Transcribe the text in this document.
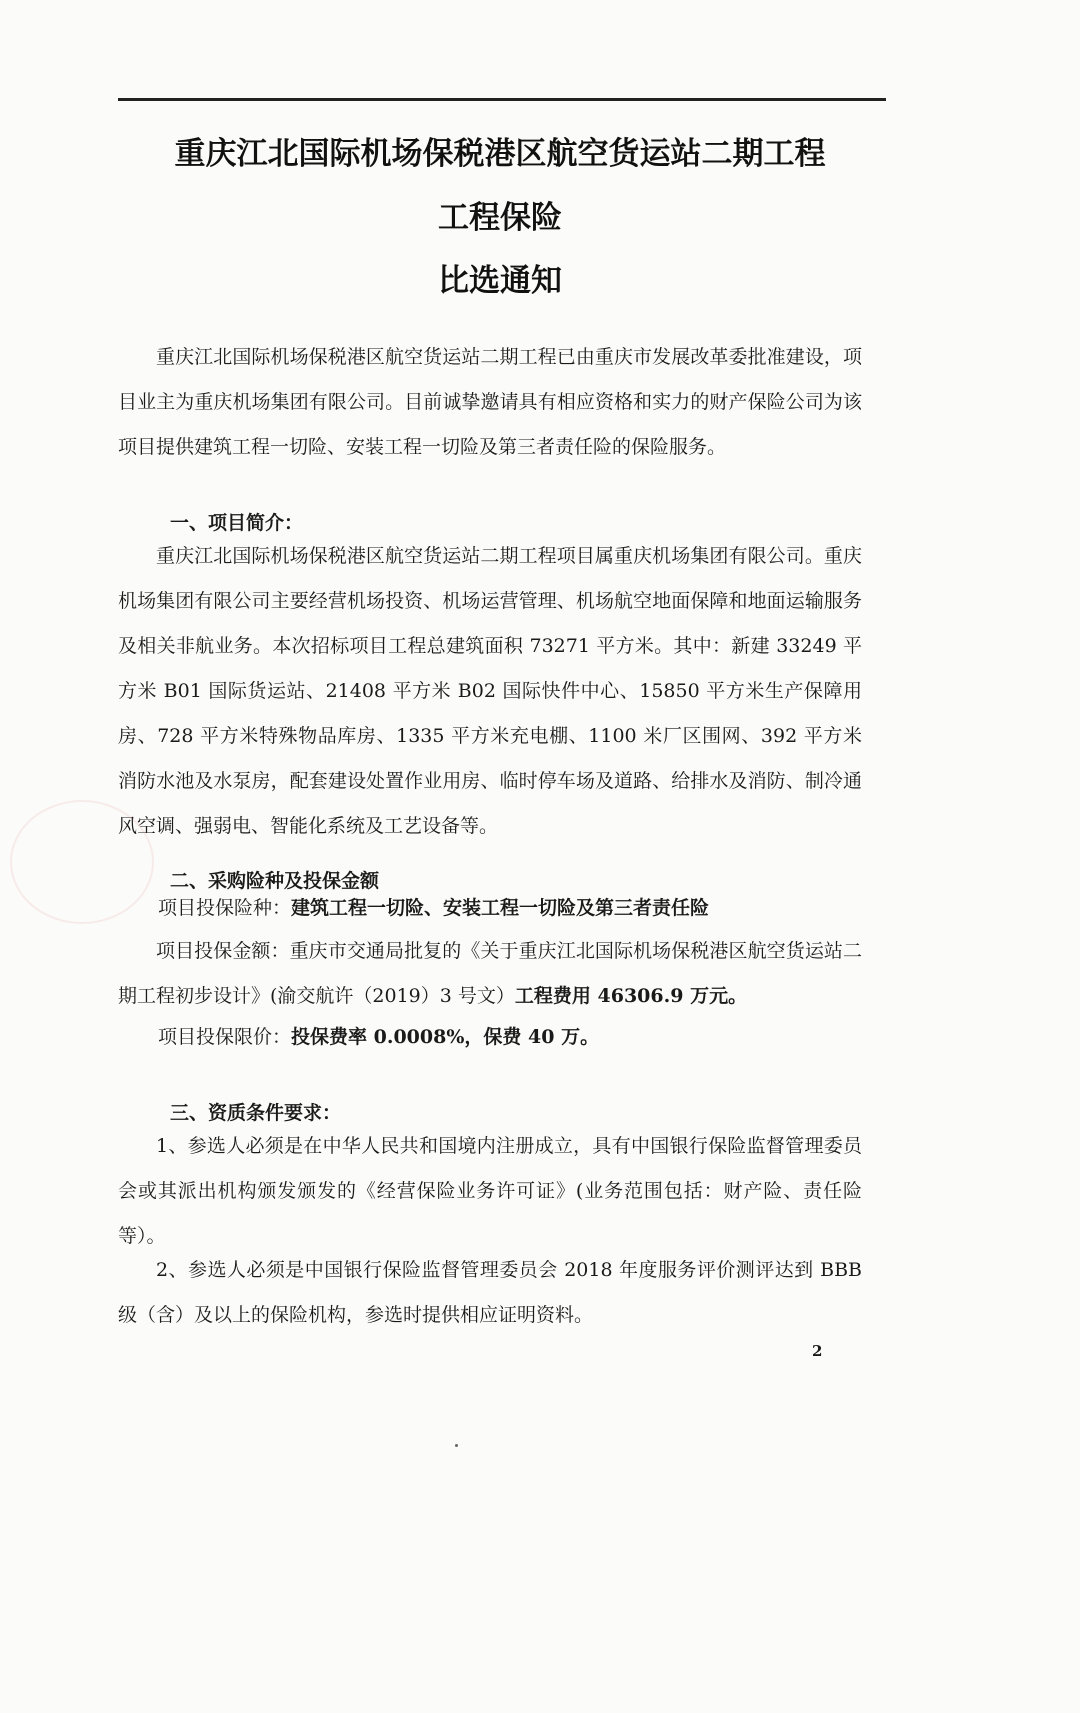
重庆江北国际机场保税港区航空货运站二期工程
工程保险
比选通知

重庆江北国际机场保税港区航空货运站二期工程已由重庆市发展改革委批准建设，项目业主为重庆机场集团有限公司。目前诚挚邀请具有相应资格和实力的财产保险公司为该项目提供建筑工程一切险、安装工程一切险及第三者责任险的保险服务。

一、项目简介：

重庆江北国际机场保税港区航空货运站二期工程项目属重庆机场集团有限公司。重庆机场集团有限公司主要经营机场投资、机场运营管理、机场航空地面保障和地面运输服务及相关非航业务。本次招标项目工程总建筑面积 73271 平方米。其中：新建 33249 平方米 B01 国际货运站、21408 平方米 B02 国际快件中心、15850 平方米生产保障用房、728 平方米特殊物品库房、1335 平方米充电棚、1100 米厂区围网、392 平方米消防水池及水泵房，配套建设处置作业用房、临时停车场及道路、给排水及消防、制冷通风空调、强弱电、智能化系统及工艺设备等。

二、采购险种及投保金额

项目投保险种：建筑工程一切险、安装工程一切险及第三者责任险

项目投保金额：重庆市交通局批复的《关于重庆江北国际机场保税港区航空货运站二期工程初步设计》(渝交航许（2019）3 号文）工程费用 46306.9 万元。

项目投保限价：投保费率 0.0008%，保费 40 万。

三、资质条件要求：

1、参选人必须是在中华人民共和国境内注册成立，具有中国银行保险监督管理委员会或其派出机构颁发颁发的《经营保险业务许可证》(业务范围包括：财产险、责任险等）。

2、参选人必须是中国银行保险监督管理委员会 2018 年度服务评价测评达到 BBB 级（含）及以上的保险机构，参选时提供相应证明资料。

2
